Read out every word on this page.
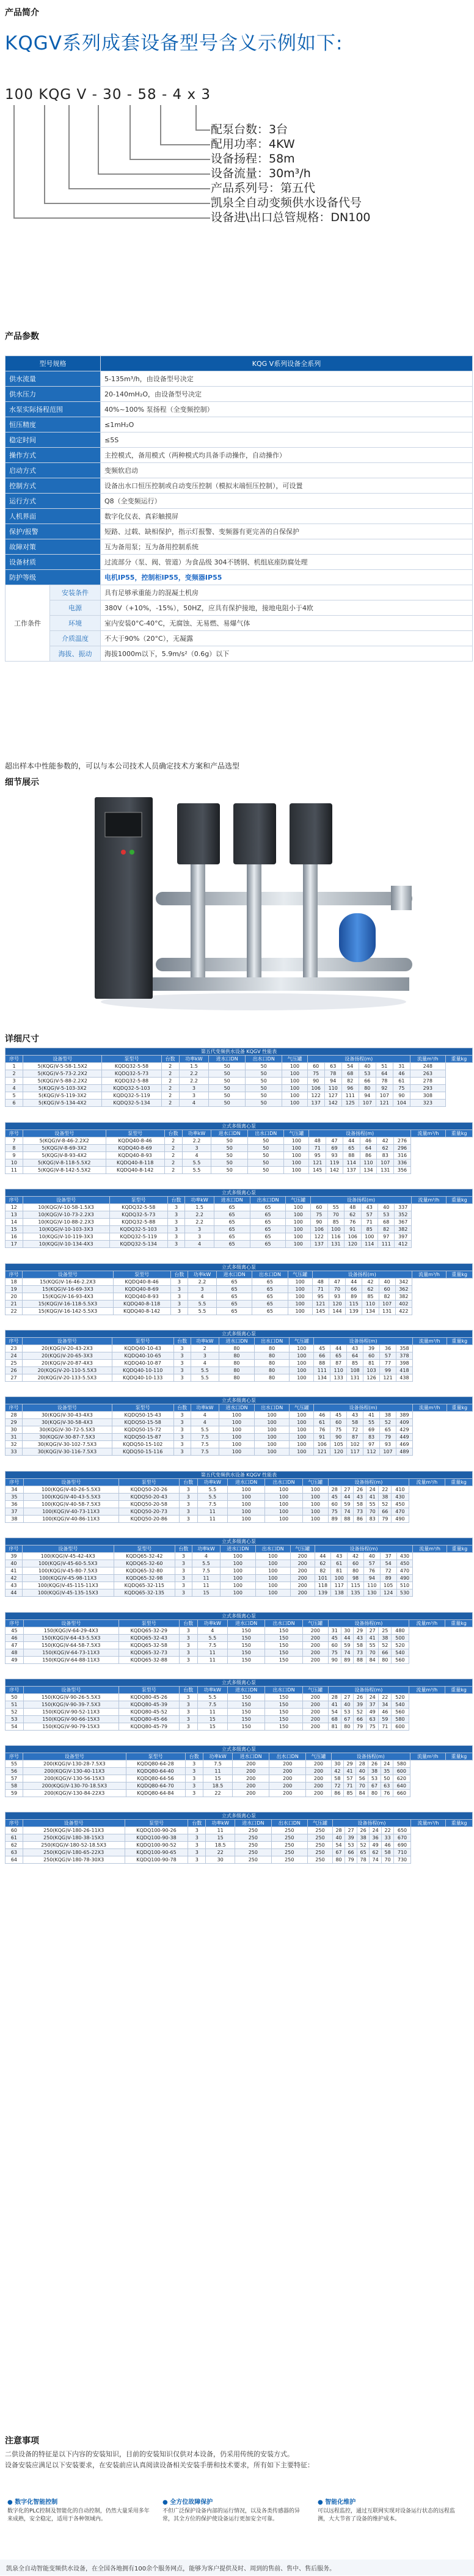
产品简介
KQGV系列成套设备型号含义示例如下:
100 KQG V - 30 - 58 - 4 x 3
配泵台数：3台
配用功率：4KW
设备扬程：58m
设备流量：30m³/h
产品系列号：第五代
凯泉全自动变频供水设备代号
设备进\出口总管规格：DN100
产品参数
型号规格		KQG V系列设备全系列
供水流量		5-135m³/h，由设备型号决定
供水压力		20-140mH₂O，由设备型号决定
水泵实际扬程范围		40%~100% 泵扬程（全变频控制）
恒压精度		≤1mH₂O
稳定时间		≤5S
操作方式		主控模式，备用模式（两种模式均具备手动操作，自动操作）
启动方式		变频软启动
控制方式		设备出水口恒压控制或自动变压控制（模拟末端恒压控制），可设置
运行方式		Q8（全变频运行）
人机界面		数字化仪表、真彩触摸屏
保护/报警		短路、过载、缺相保护，指示灯报警、变频器有更完善的自保保护
故障对策		互为备用泵；互为备用控制系统
设备材质		过流部分（泵、阀、管道）为食品级 304不锈钢、机组底座防腐处理
防护等级		电机IP55，控制柜IP55，变频器IP55
工作条件	安装条件	具有足够承重能力的混凝土机房
	电源	380V（+10%，-15%），50HZ，应具有保护接地，接地电阻小于4欧
	环境	室内安装0°C-40°C，无腐蚀、无易燃、易爆气体
	介质温度	不大于90%（20°C），无凝露
	海拔、振动	海拔1000m以下，5.9m/s²（0.6g）以下
超出样本中性能参数的，可以与本公司技术人员确定技术方案和产品选型
细节展示
详细尺寸
第五代变频供水设备 KQGV 性能表															
序号	设备型号	泵型号	台数	功率kW	进水口DN	出水口DN	气压罐	设备扬程(m)						流量m³/h	重量kg
1	5(KQG)V-5-58-1.5X2	KQDQ32-5-58	2	1.5	50	50	100	60	63	54	40	51	31	248	
2	5(KQG)V-5-73-2.2X2	KQDQ32-5-73	2	2.2	50	50	100	75	78	68	53	64	46	263	
3	5(KQG)V-5-88-2.2X2	KQDQ32-5-88	2	2.2	50	50	100	90	94	82	66	78	61	278	
4	5(KQG)V-5-103-3X2	KQDQ32-5-103	2	3	50	50	100	106	110	96	80	92	75	293	
5	5(KQG)V-5-119-3X2	KQDQ32-5-119	2	3	50	50	100	122	127	111	94	107	90	308	
6	5(KQG)V-5-134-4X2	KQDQ32-5-134	2	4	50	50	100	137	142	125	107	121	104	323	
立式多级离心泵															
序号	设备型号	泵型号	台数	功率kW	进水口DN	出水口DN	气压罐	设备扬程(m)						流量m³/h	重量kg
7	5(KQG)V-8-46-2.2X2	KQDQ40-8-46	2	2.2	50	50	100	48	47	44	46	42	276		
8	5(KQG)V-8-69-3X2	KQDQ40-8-69	2	3	50	50	100	71	69	65	64	62	296		
9	5(KQG)V-8-93-4X2	KQDQ40-8-93	2	4	50	50	100	95	93	88	86	83	316		
10	5(KQG)V-8-118-5.5X2	KQDQ40-8-118	2	5.5	50	50	100	121	119	114	110	107	336		
11	5(KQG)V-8-142-5.5X2	KQDQ40-8-142	2	5.5	50	50	100	145	142	137	134	131	356		
立式多级离心泵															
序号	设备型号	泵型号	台数	功率kW	进水口DN	出水口DN	气压罐	设备扬程(m)						流量m³/h	重量kg
12	10(KQG)V-10-58-1.5X3	KQDQ32-5-58	3	1.5	65	65	100	60	55	48	43	40	337		
13	10(KQG)V-10-73-2.2X3	KQDQ32-5-73	3	2.2	65	65	100	75	70	62	57	53	352		
14	10(KQG)V-10-88-2.2X3	KQDQ32-5-88	3	2.2	65	65	100	90	85	76	71	68	367		
15	10(KQG)V-10-103-3X3	KQDQ32-5-103	3	3	65	65	100	106	100	91	85	82	382		
16	10(KQG)V-10-119-3X3	KQDQ32-5-119	3	3	65	65	100	122	116	106	100	97	397		
17	10(KQG)V-10-134-4X3	KQDQ32-5-134	3	4	65	65	100	137	131	120	114	111	412		
立式多级离心泵															
序号	设备型号	泵型号	台数	功率kW	进水口DN	出水口DN	气压罐	设备扬程(m)						流量m³/h	重量kg
18	15(KQG)V-16-46-2.2X3	KQDQ40-8-46	3	2.2	65	65	100	48	47	44	42	40	342		
19	15(KQG)V-16-69-3X3	KQDQ40-8-69	3	3	65	65	100	71	70	66	62	60	362		
20	15(KQG)V-16-93-4X3	KQDQ40-8-93	3	4	65	65	100	95	93	89	85	82	382		
21	15(KQG)V-16-118-5.5X3	KQDQ40-8-118	3	5.5	65	65	100	121	120	115	110	107	402		
22	15(KQG)V-16-142-5.5X3	KQDQ40-8-142	3	5.5	65	65	100	145	144	139	134	131	422		
立式多级离心泵															
序号	设备型号	泵型号	台数	功率kW	进水口DN	出水口DN	气压罐	设备扬程(m)						流量m³/h	重量kg
23	20(KQG)V-20-43-2X3	KQDQ40-10-43	3	2	80	80	100	45	44	43	39	36	358		
24	20(KQG)V-20-65-3X3	KQDQ40-10-65	3	3	80	80	100	66	65	64	60	57	378		
25	20(KQG)V-20-87-4X3	KQDQ40-10-87	3	4	80	80	100	88	87	85	81	77	398		
26	20(KQG)V-20-110-5.5X3	KQDQ40-10-110	3	5.5	80	80	100	111	110	108	103	99	418		
27	20(KQG)V-20-133-5.5X3	KQDQ40-10-133	3	5.5	80	80	100	134	133	131	126	121	438		
立式多级离心泵															
序号	设备型号	泵型号	台数	功率kW	进水口DN	出水口DN	气压罐	设备扬程(m)						流量m³/h	重量kg
28	30(KQG)V-30-43-4X3	KQDQ50-15-43	3	4	100	100	100	46	45	43	41	38	389		
29	30(KQG)V-30-58-4X3	KQDQ50-15-58	3	4	100	100	100	61	60	58	55	52	409		
30	30(KQG)V-30-72-5.5X3	KQDQ50-15-72	3	5.5	100	100	100	76	75	72	69	65	429		
31	30(KQG)V-30-87-7.5X3	KQDQ50-15-87	3	7.5	100	100	100	91	90	87	83	79	449		
32	30(KQG)V-30-102-7.5X3	KQDQ50-15-102	3	7.5	100	100	100	106	105	102	97	93	469		
33	30(KQG)V-30-116-7.5X3	KQDQ50-15-116	3	7.5	100	100	100	121	120	117	112	107	489		
第五代变频供水设备 KQGV 性能表															
序号	设备型号	泵型号	台数	功率kW	进水口DN	出水口DN	气压罐	设备扬程(m)						流量m³/h	重量kg
34	100(KQG)V-40-26-5.5X3	KQDQ50-20-26	3	5.5	100	100	100	28	27	26	24	22	410		
35	100(KQG)V-40-43-5.5X3	KQDQ50-20-43	3	5.5	100	100	100	45	44	43	41	38	430		
36	100(KQG)V-40-58-7.5X3	KQDQ50-20-58	3	7.5	100	100	100	60	59	58	55	52	450		
37	100(KQG)V-40-73-11X3	KQDQ50-20-73	3	11	100	100	100	75	74	73	70	66	470		
38	100(KQG)V-40-86-11X3	KQDQ50-20-86	3	11	100	100	100	89	88	86	83	79	490		
立式多级离心泵															
序号	设备型号	泵型号	台数	功率kW	进水口DN	出水口DN	气压罐	设备扬程(m)						流量m³/h	重量kg
39	100(KQG)V-45-42-4X3	KQDQ65-32-42	3	4	100	100	200	44	43	42	40	37	430		
40	100(KQG)V-45-60-5.5X3	KQDQ65-32-60	3	5.5	100	100	200	62	61	60	57	54	450		
41	100(KQG)V-45-80-7.5X3	KQDQ65-32-80	3	7.5	100	100	200	82	81	80	76	72	470		
42	100(KQG)V-45-98-11X3	KQDQ65-32-98	3	11	100	100	200	101	100	98	94	89	490		
43	100(KQG)V-45-115-11X3	KQDQ65-32-115	3	11	100	100	200	118	117	115	110	105	510		
44	100(KQG)V-45-135-15X3	KQDQ65-32-135	3	15	100	100	200	139	138	135	130	124	530		
立式多级离心泵															
序号	设备型号	泵型号	台数	功率kW	进水口DN	出水口DN	气压罐	设备扬程(m)						流量m³/h	重量kg
45	150(KQG)V-64-29-4X3	KQDQ65-32-29	3	4	150	150	200	31	30	29	27	25	480		
46	150(KQG)V-64-43-5.5X3	KQDQ65-32-43	3	5.5	150	150	200	45	44	43	41	38	500		
47	150(KQG)V-64-58-7.5X3	KQDQ65-32-58	3	7.5	150	150	200	60	59	58	55	52	520		
48	150(KQG)V-64-73-11X3	KQDQ65-32-73	3	11	150	150	200	75	74	73	70	66	540		
49	150(KQG)V-64-88-11X3	KQDQ65-32-88	3	11	150	150	200	90	89	88	84	80	560		
立式多级离心泵															
序号	设备型号	泵型号	台数	功率kW	进水口DN	出水口DN	气压罐	设备扬程(m)						流量m³/h	重量kg
50	150(KQG)V-90-26-5.5X3	KQDQ80-45-26	3	5.5	150	150	200	28	27	26	24	22	520		
51	150(KQG)V-90-39-7.5X3	KQDQ80-45-39	3	7.5	150	150	200	41	40	39	37	34	540		
52	150(KQG)V-90-52-11X3	KQDQ80-45-52	3	11	150	150	200	54	53	52	49	46	560		
53	150(KQG)V-90-66-15X3	KQDQ80-45-66	3	15	150	150	200	68	67	66	63	59	580		
54	150(KQG)V-90-79-15X3	KQDQ80-45-79	3	15	150	150	200	81	80	79	75	71	600		
立式多级离心泵															
序号	设备型号	泵型号	台数	功率kW	进水口DN	出水口DN	气压罐	设备扬程(m)						流量m³/h	重量kg
55	200(KQG)V-130-28-7.5X3	KQDQ80-64-28	3	7.5	200	200	200	30	29	28	26	24	580		
56	200(KQG)V-130-40-11X3	KQDQ80-64-40	3	11	200	200	200	42	41	40	38	35	600		
57	200(KQG)V-130-56-15X3	KQDQ80-64-56	3	15	200	200	200	58	57	56	53	50	620		
58	200(KQG)V-130-70-18.5X3	KQDQ80-64-70	3	18.5	200	200	200	72	71	70	67	63	640		
59	200(KQG)V-130-84-22X3	KQDQ80-64-84	3	22	200	200	200	86	85	84	80	76	660		
立式多级离心泵															
序号	设备型号	泵型号	台数	功率kW	进水口DN	出水口DN	气压罐	设备扬程(m)						流量m³/h	重量kg
60	250(KQG)V-180-26-11X3	KQDQ100-90-26	3	11	250	250	250	28	27	26	24	22	650		
61	250(KQG)V-180-38-15X3	KQDQ100-90-38	3	15	250	250	250	40	39	38	36	33	670		
62	250(KQG)V-180-52-18.5X3	KQDQ100-90-52	3	18.5	250	250	250	54	53	52	49	46	690		
63	250(KQG)V-180-65-22X3	KQDQ100-90-65	3	22	250	250	250	67	66	65	62	58	710		
64	250(KQG)V-180-78-30X3	KQDQ100-90-78	3	30	250	250	250	80	79	78	74	70	730		
注意事项
二供设备的特征是以下内容的安装知识，目前的安装知识仅供对本设备，仍采用传统的安装方式。
设备安装应满足以下安装要求，在安装前应认真阅读设备相关安装手册和技术要求，所有如下主要特征：
● 数字化智能控制
数字化的PLC控制及智能化的自动控制，仍然大量采用多年来成熟，安全稳定，适用于各种领域内。
● 全方位故障保护
不但广泛保护设备内部的运行情况，以及各类传感器的异常，其全方位的保护使设备运行更加安全可靠。
● 智能化维护
可以远程监控，通过互联网实现对设备运行状态的远程监测，大大节省了设备的维护成本。
凯泉全自动智能变频供水设备，在全国各地拥有100余个服务网点，能够为客户提供及时、周到的售前、售中、售后服务。
